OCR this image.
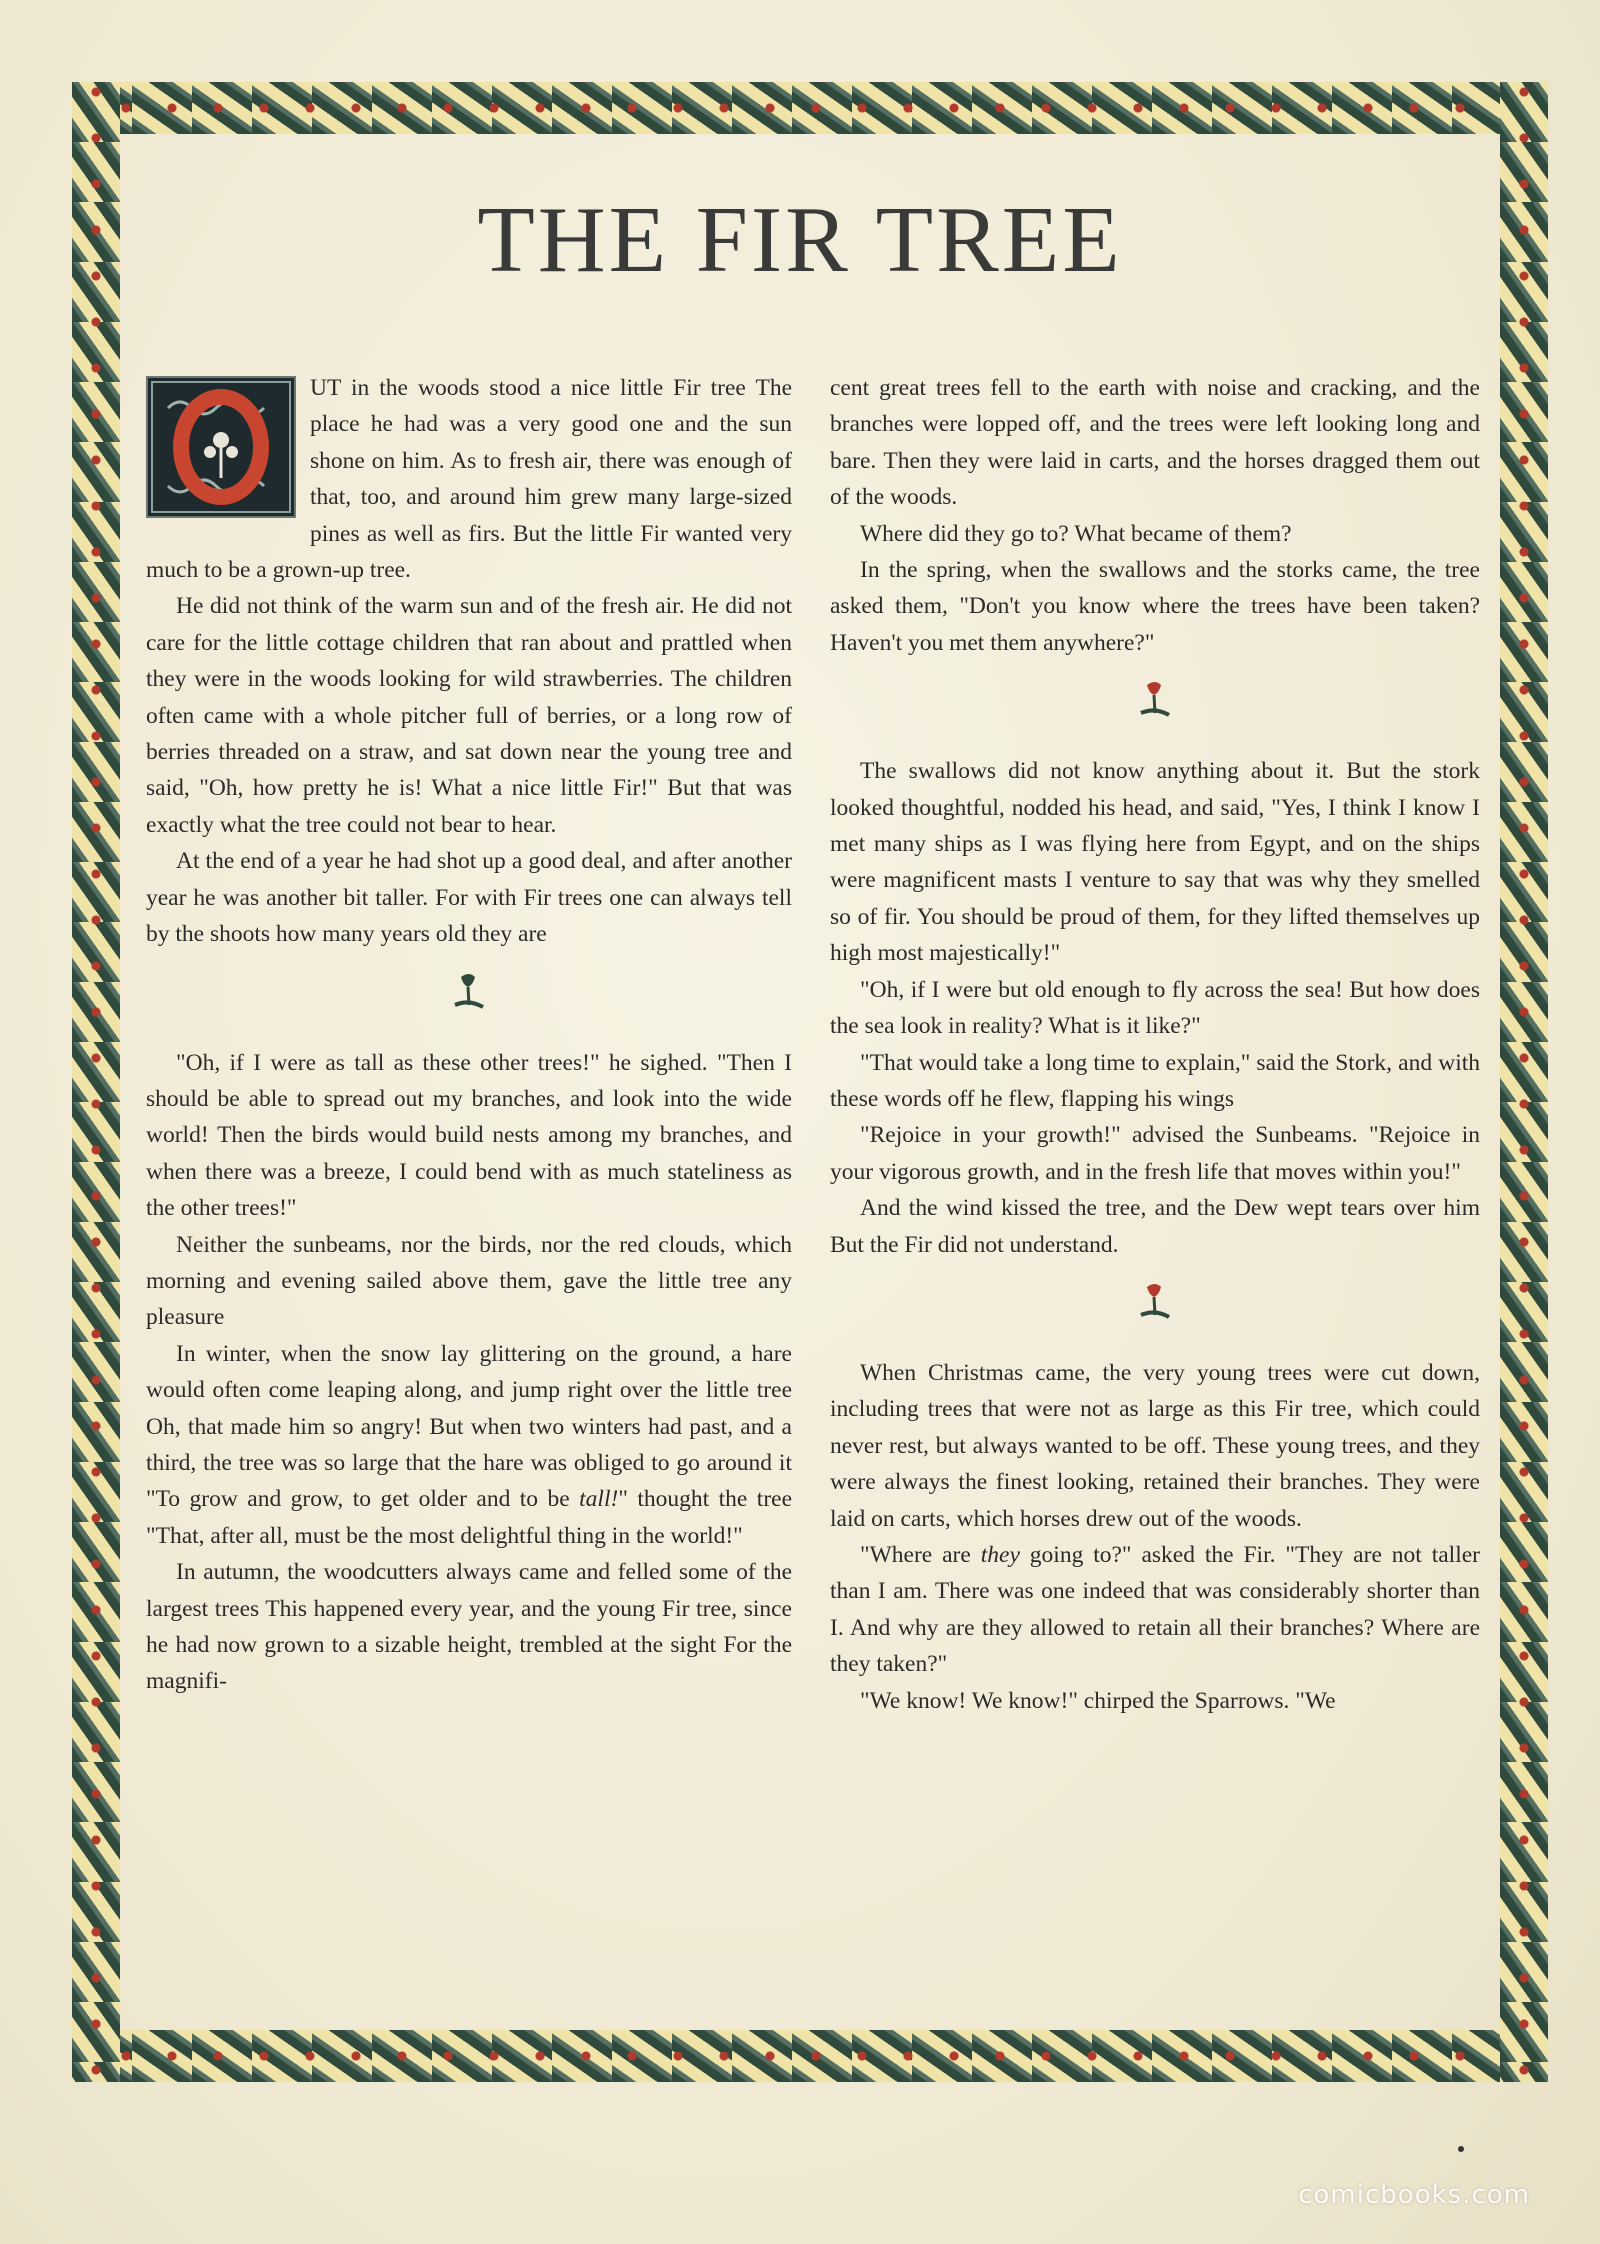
THE FIR TREE

UT in the woods stood a nice little Fir tree The place he had was a very good one and the sun shone on him. As to fresh air, there was enough of that, too, and around him grew many large-sized pines as well as firs. But the little Fir wanted very much to be a grown-up tree.

He did not think of the warm sun and of the fresh air. He did not care for the little cottage children that ran about and prattled when they were in the woods looking for wild strawberries. The children often came with a whole pitcher full of berries, or a long row of berries threaded on a straw, and sat down near the young tree and said, "Oh, how pretty he is! What a nice little Fir!" But that was exactly what the tree could not bear to hear.

At the end of a year he had shot up a good deal, and after another year he was another bit taller. For with Fir trees one can always tell by the shoots how many years old they are

"Oh, if I were as tall as these other trees!" he sighed. "Then I should be able to spread out my branches, and look into the wide world! Then the birds would build nests among my branches, and when there was a breeze, I could bend with as much stateliness as the other trees!"

Neither the sunbeams, nor the birds, nor the red clouds, which morning and evening sailed above them, gave the little tree any pleasure

In winter, when the snow lay glittering on the ground, a hare would often come leaping along, and jump right over the little tree Oh, that made him so angry! But when two winters had past, and a third, the tree was so large that the hare was obliged to go around it "To grow and grow, to get older and to be tall!" thought the tree "That, after all, must be the most delightful thing in the world!"

In autumn, the woodcutters always came and felled some of the largest trees This happened every year, and the young Fir tree, since he had now grown to a sizable height, trembled at the sight For the magnifi-

cent great trees fell to the earth with noise and cracking, and the branches were lopped off, and the trees were left looking long and bare. Then they were laid in carts, and the horses dragged them out of the woods.

Where did they go to? What became of them?

In the spring, when the swallows and the storks came, the tree asked them, "Don't you know where the trees have been taken? Haven't you met them anywhere?"

The swallows did not know anything about it. But the stork looked thoughtful, nodded his head, and said, "Yes, I think I know I met many ships as I was flying here from Egypt, and on the ships were magnificent masts I venture to say that was why they smelled so of fir. You should be proud of them, for they lifted themselves up high most majestically!"

"Oh, if I were but old enough to fly across the sea! But how does the sea look in reality? What is it like?"

"That would take a long time to explain," said the Stork, and with these words off he flew, flapping his wings

"Rejoice in your growth!" advised the Sunbeams. "Rejoice in your vigorous growth, and in the fresh life that moves within you!"

And the wind kissed the tree, and the Dew wept tears over him But the Fir did not understand.

When Christmas came, the very young trees were cut down, including trees that were not as large as this Fir tree, which could never rest, but always wanted to be off. These young trees, and they were always the finest looking, retained their branches. They were laid on carts, which horses drew out of the woods.

"Where are they going to?" asked the Fir. "They are not taller than I am. There was one indeed that was considerably shorter than I. And why are they allowed to retain all their branches? Where are they taken?"

"We know! We know!" chirped the Sparrows. "We

comicbooks.com
